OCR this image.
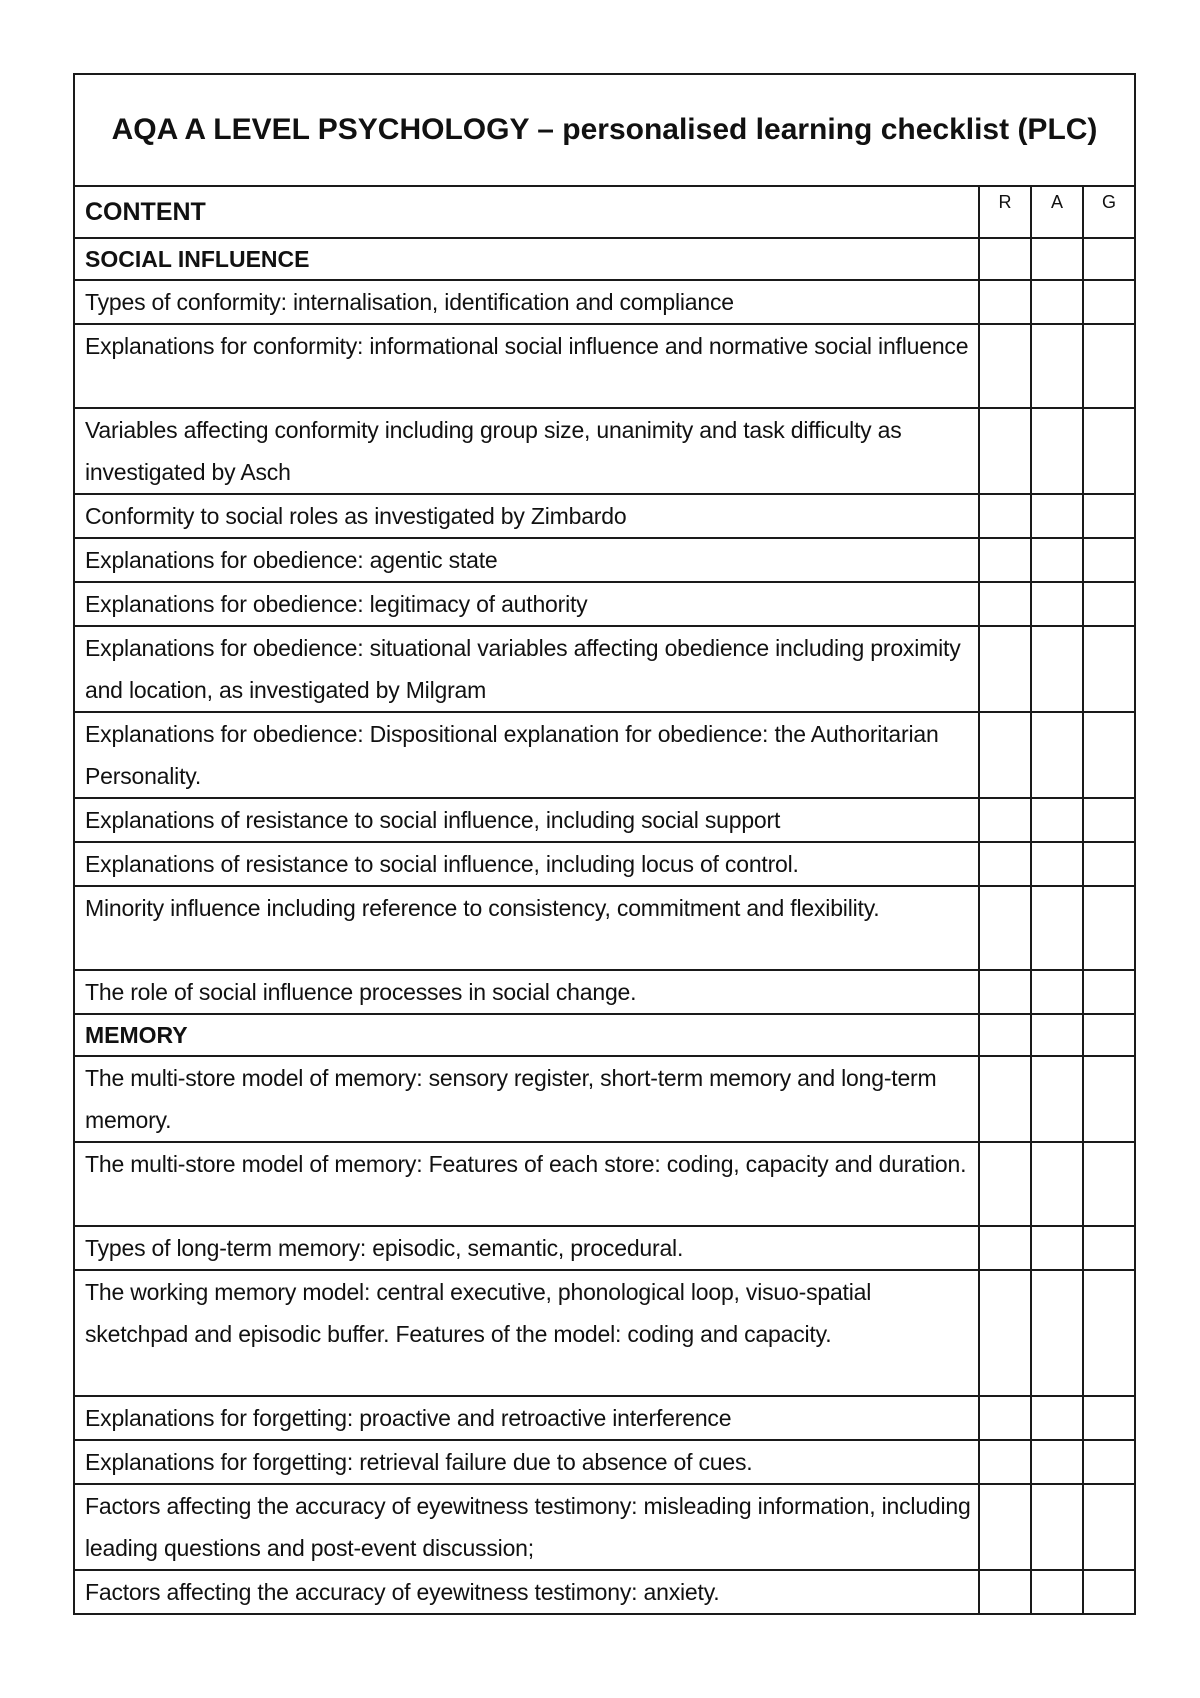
AQA A LEVEL PSYCHOLOGY – personalised learning checklist (PLC)			
CONTENT	R	A	G
SOCIAL INFLUENCE			
Types of conformity: internalisation, identification and compliance			
Explanations for conformity: informational social influence and normative social influence			
Variables affecting conformity including group size, unanimity and task difficulty as investigated by Asch			
Conformity to social roles as investigated by Zimbardo			
Explanations for obedience: agentic state			
Explanations for obedience: legitimacy of authority			
Explanations for obedience: situational variables affecting obedience including proximity and location, as investigated by Milgram			
Explanations for obedience: Dispositional explanation for obedience: the Authoritarian Personality.			
Explanations of resistance to social influence, including social support			
Explanations of resistance to social influence, including locus of control.			
Minority influence including reference to consistency, commitment and flexibility.			
The role of social influence processes in social change.			
MEMORY			
The multi-store model of memory: sensory register, short-term memory and long-term memory.			
The multi-store model of memory: Features of each store: coding, capacity and duration.			
Types of long-term memory: episodic, semantic, procedural.			
The working memory model: central executive, phonological loop, visuo-spatial sketchpad and episodic buffer. Features of the model: coding and capacity.			
Explanations for forgetting: proactive and retroactive interference			
Explanations for forgetting: retrieval failure due to absence of cues.			
Factors affecting the accuracy of eyewitness testimony: misleading information, including leading questions and post-event discussion;			
Factors affecting the accuracy of eyewitness testimony: anxiety.			
